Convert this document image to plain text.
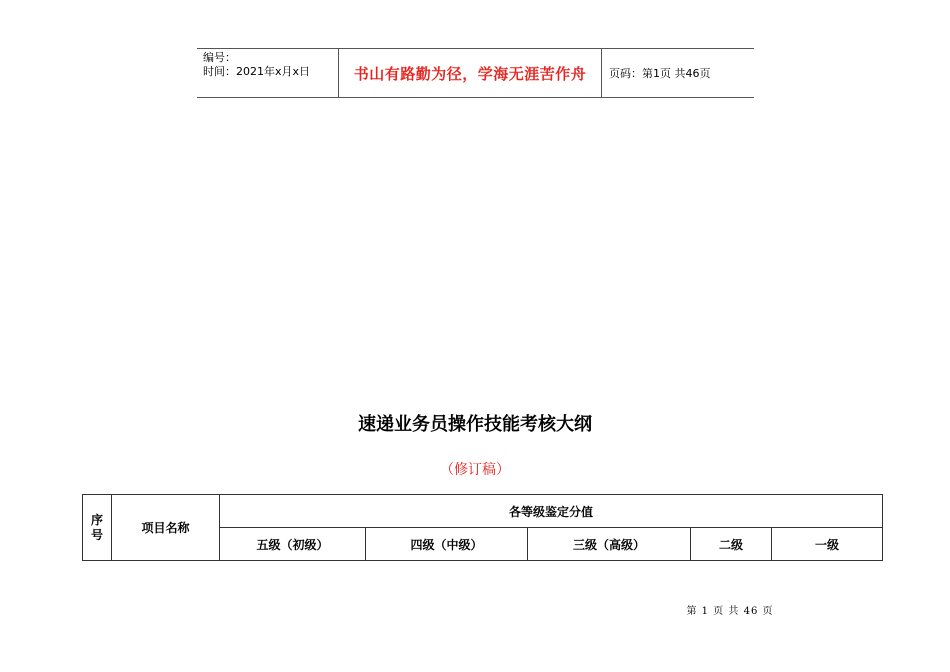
编号：
时间：2021年x月x日	书山有路勤为径，学海无涯苦作舟	页码：第1页 共46页
速递业务员操作技能考核大纲
（修订稿）
序号	项目名称	各等级鉴定分值				
		五级（初级）	四级（中级）	三级（高级）	二级	一级
第 1 页 共 46 页
